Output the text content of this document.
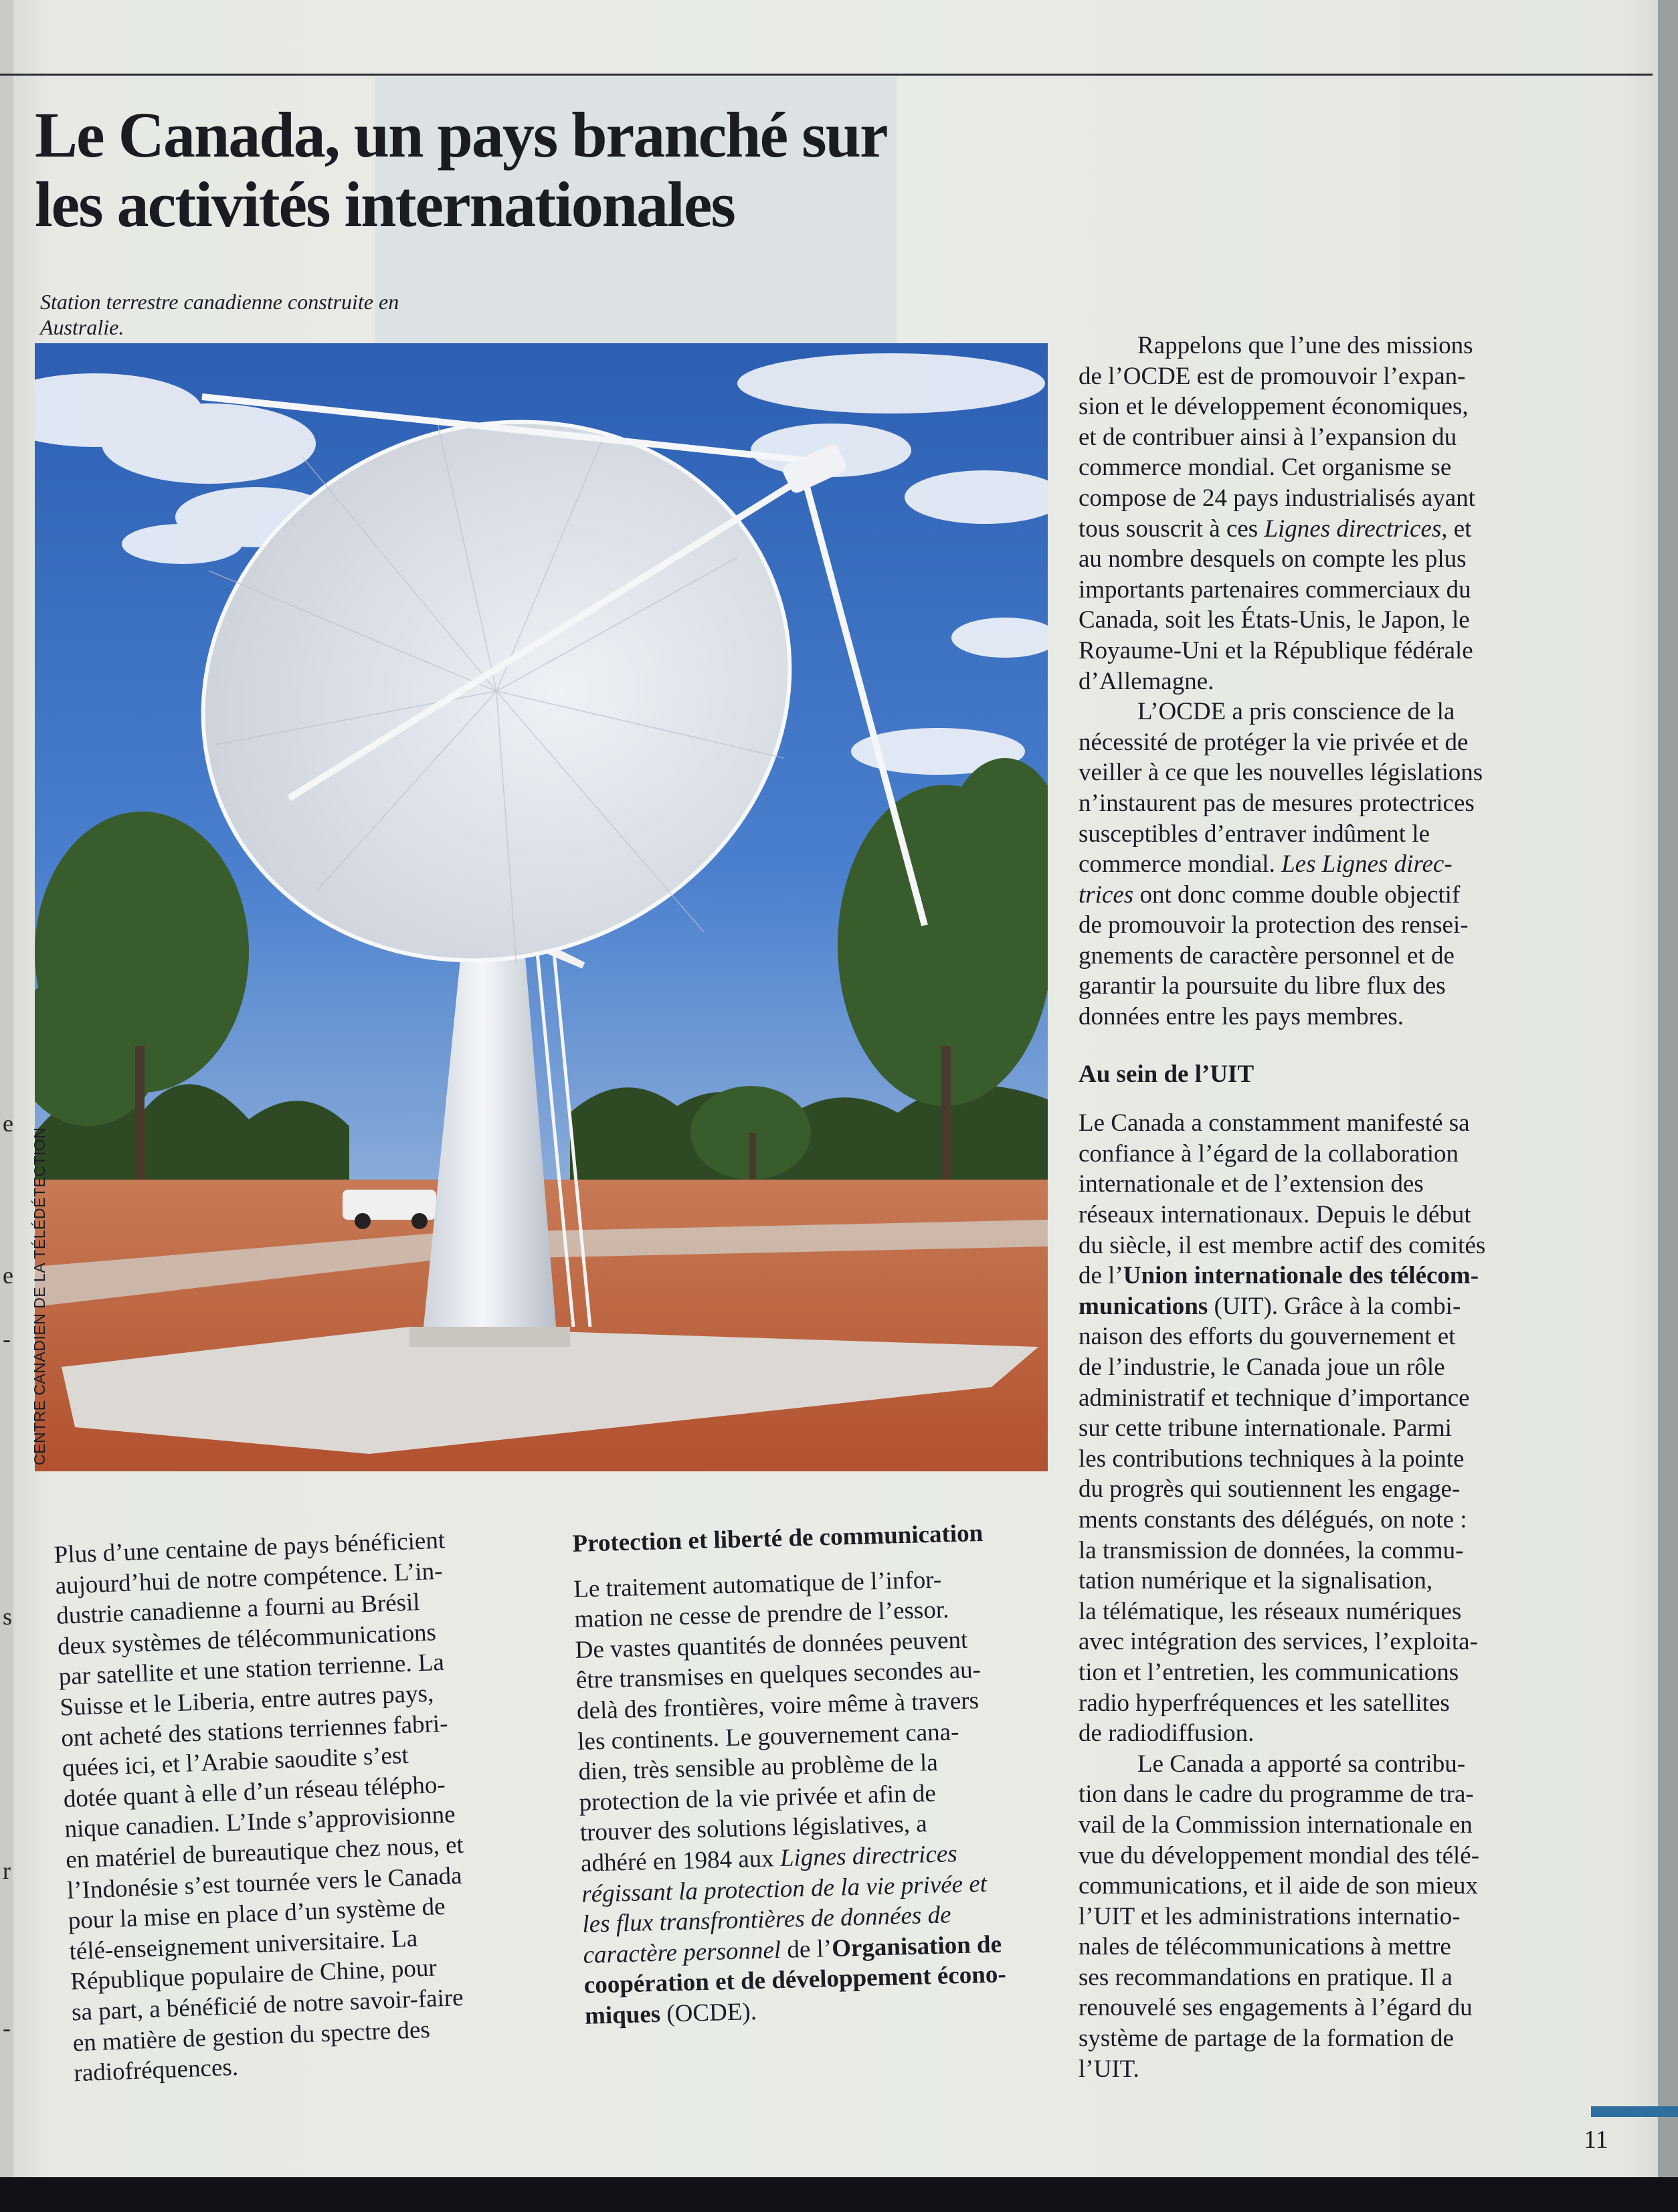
e
e
-
s
r
-
Le Canada, un pays branché sur
les activités internationales
Station terrestre canadienne construite en Australie.
CENTRE CANADIEN DE LA TÉLÉDÉTECTION
Plus d’une centaine de pays bénéficient
aujourd’hui de notre compétence. L’in-
dustrie canadienne a fourni au Brésil
deux systèmes de télécommunications
par satellite et une station terrienne. La
Suisse et le Liberia, entre autres pays,
ont acheté des stations terriennes fabri-
quées ici, et l’Arabie saoudite s’est
dotée quant à elle d’un réseau télépho-
nique canadien. L’Inde s’approvisionne
en matériel de bureautique chez nous, et
l’Indonésie s’est tournée vers le Canada
pour la mise en place d’un système de
télé-enseignement universitaire. La
République populaire de Chine, pour
sa part, a bénéficié de notre savoir-faire
en matière de gestion du spectre des
radiofréquences.
Protection et liberté de communication
Le traitement automatique de l’infor-
mation ne cesse de prendre de l’essor.
De vastes quantités de données peuvent
être transmises en quelques secondes au-
delà des frontières, voire même à travers
les continents. Le gouvernement cana-
dien, très sensible au problème de la
protection de la vie privée et afin de
trouver des solutions législatives, a
adhéré en 1984 aux Lignes directrices
régissant la protection de la vie privée et
les flux transfrontières de données de
caractère personnel de l’Organisation de
coopération et de développement écono-
miques (OCDE).
Rappelons que l’une des missions
de l’OCDE est de promouvoir l’expan-
sion et le développement économiques,
et de contribuer ainsi à l’expansion du
commerce mondial. Cet organisme se
compose de 24 pays industrialisés ayant
tous souscrit à ces Lignes directrices, et
au nombre desquels on compte les plus
importants partenaires commerciaux du
Canada, soit les États-Unis, le Japon, le
Royaume-Uni et la République fédérale
d’Allemagne.
L’OCDE a pris conscience de la
nécessité de protéger la vie privée et de
veiller à ce que les nouvelles législations
n’instaurent pas de mesures protectrices
susceptibles d’entraver indûment le
commerce mondial. Les Lignes direc-
trices ont donc comme double objectif
de promouvoir la protection des rensei-
gnements de caractère personnel et de
garantir la poursuite du libre flux des
données entre les pays membres.
Au sein de l’UIT
Le Canada a constamment manifesté sa
confiance à l’égard de la collaboration
internationale et de l’extension des
réseaux internationaux. Depuis le début
du siècle, il est membre actif des comités
de l’Union internationale des télécom-
munications (UIT). Grâce à la combi-
naison des efforts du gouvernement et
de l’industrie, le Canada joue un rôle
administratif et technique d’importance
sur cette tribune internationale. Parmi
les contributions techniques à la pointe
du progrès qui soutiennent les engage-
ments constants des délégués, on note :
la transmission de données, la commu-
tation numérique et la signalisation,
la télématique, les réseaux numériques
avec intégration des services, l’exploita-
tion et l’entretien, les communications
radio hyperfréquences et les satellites
de radiodiffusion.
Le Canada a apporté sa contribu-
tion dans le cadre du programme de tra-
vail de la Commission internationale en
vue du développement mondial des télé-
communications, et il aide de son mieux
l’UIT et les administrations internatio-
nales de télécommunications à mettre
ses recommandations en pratique. Il a
renouvelé ses engagements à l’égard du
système de partage de la formation de
l’UIT.
11
